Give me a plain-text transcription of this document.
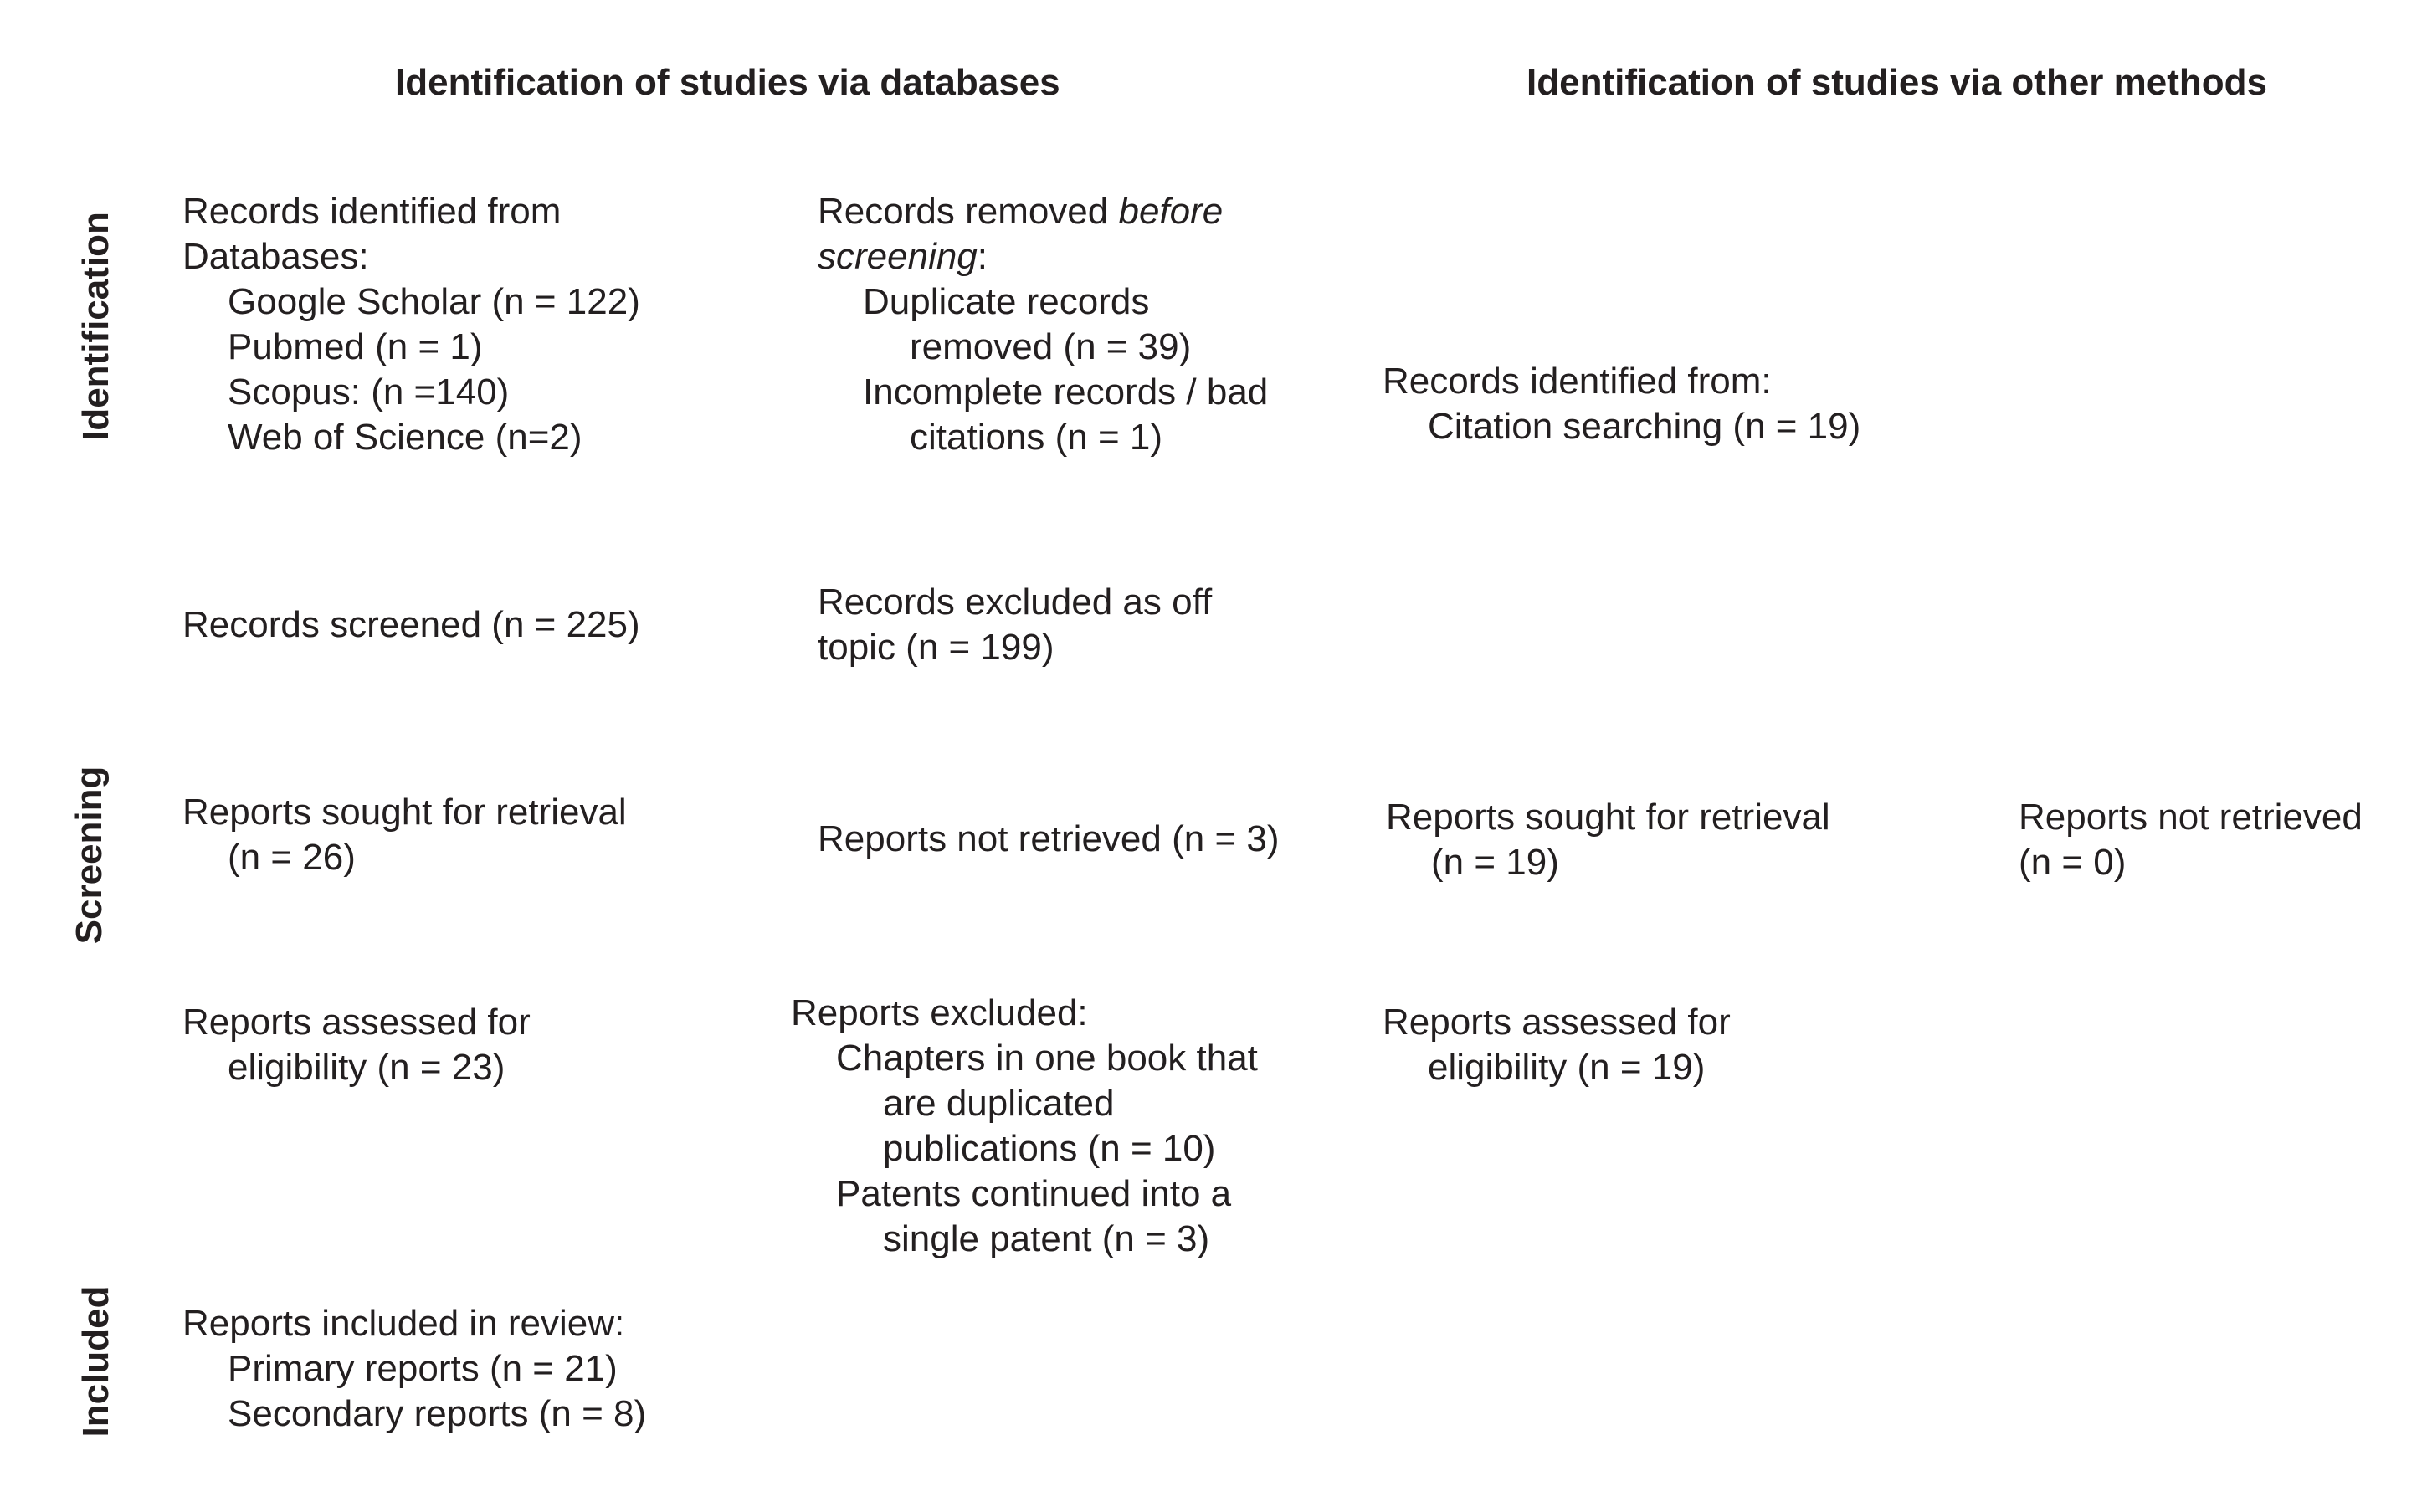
Identification of studies via databases	Identification of studies via other methods
Identification
Screening
Included
Records identified from
Databases:
Google Scholar (n = 122)
Pubmed (n = 1)
Scopus: (n =140)
Web of Science (n=2)
Records removed before
screening:
Duplicate records
removed (n = 39)
Incomplete records / bad
citations (n = 1)
Records identified from:
Citation searching (n = 19)
Records screened (n = 225)
Records excluded as off
topic (n = 199)
Reports sought for retrieval
(n = 26)	Reports not retrieved (n = 3)
Reports sought for retrieval
(n = 19)
Reports not retrieved
(n = 0)
Reports assessed for
eligibility (n = 23)
Reports excluded:
Chapters in one book that
are duplicated
publications (n = 10)
Patents continued into a
single patent (n = 3)
Reports assessed for
eligibility (n = 19)
Reports included in review:
Primary reports (n = 21)
Secondary reports (n = 8)
